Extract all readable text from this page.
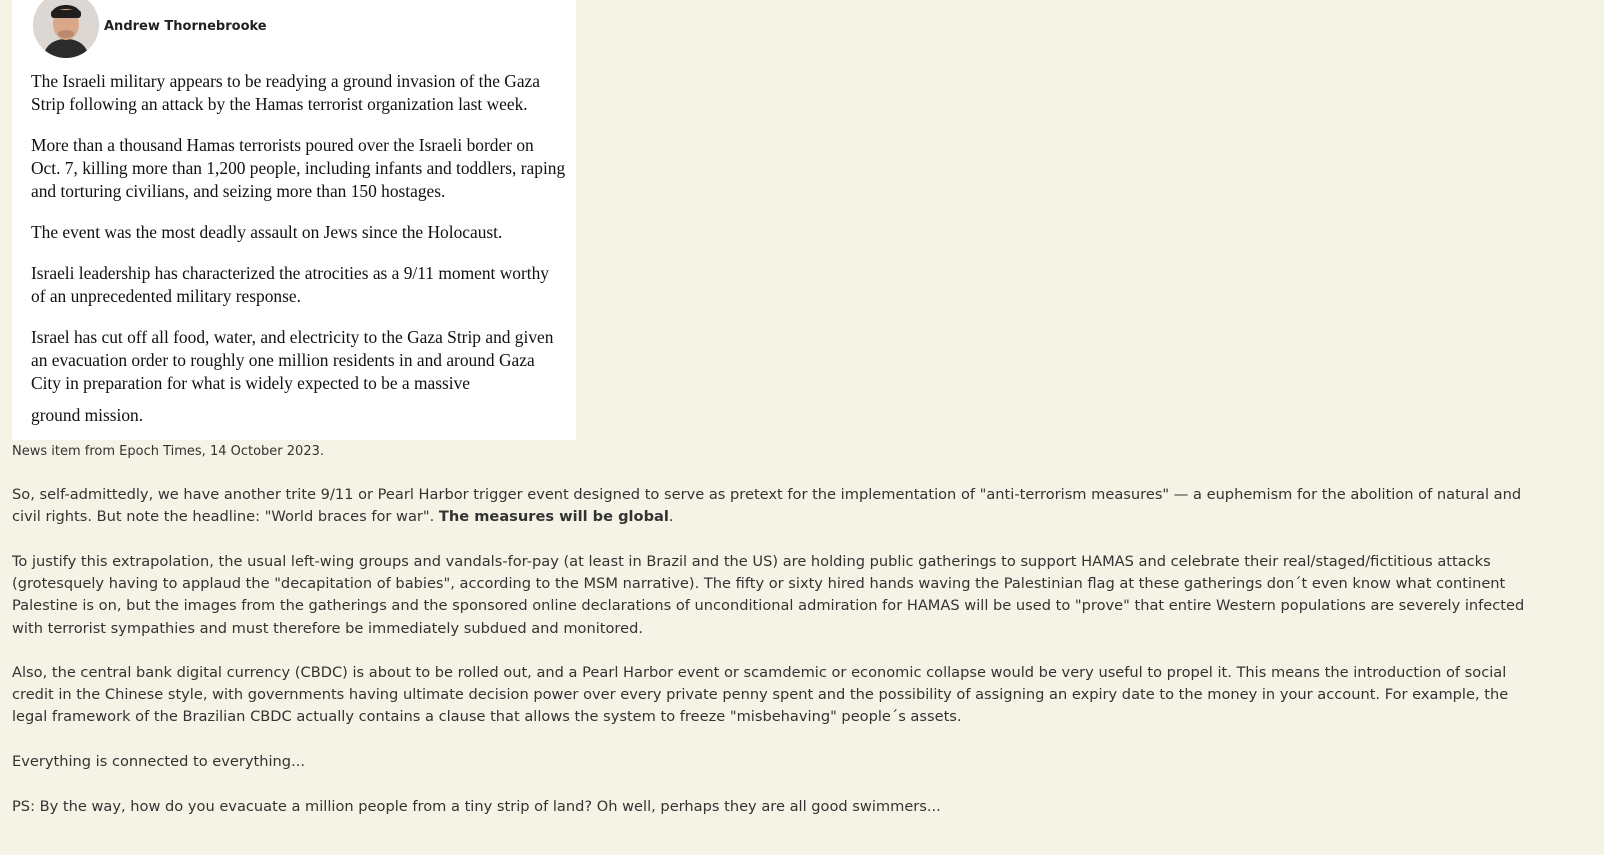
Andrew Thornebrooke

The Israeli military appears to be readying a ground invasion of the Gaza Strip following an attack by the Hamas terrorist organization last week.

More than a thousand Hamas terrorists poured over the Israeli border on Oct. 7, killing more than 1,200 people, including infants and toddlers, raping and torturing civilians, and seizing more than 150 hostages.

The event was the most deadly assault on Jews since the Holocaust.

Israeli leadership has characterized the atrocities as a 9/11 moment worthy of an unprecedented military response.

Israel has cut off all food, water, and electricity to the Gaza Strip and given an evacuation order to roughly one million residents in and around Gaza City in preparation for what is widely expected to be a massive

ground mission.

News item from Epoch Times, 14 October 2023.

So, self-admittedly, we have another trite 9/11 or Pearl Harbor trigger event designed to serve as pretext for the implementation of "anti-terrorism measures" — a euphemism for the abolition of natural and civil rights. But note the headline: "World braces for war". The measures will be global.

To justify this extrapolation, the usual left-wing groups and vandals-for-pay (at least in Brazil and the US) are holding public gatherings to support HAMAS and celebrate their real/staged/fictitious attacks (grotesquely having to applaud the "decapitation of babies", according to the MSM narrative). The fifty or sixty hired hands waving the Palestinian flag at these gatherings don´t even know what continent Palestine is on, but the images from the gatherings and the sponsored online declarations of unconditional admiration for HAMAS will be used to "prove" that entire Western populations are severely infected with terrorist sympathies and must therefore be immediately subdued and monitored.

Also, the central bank digital currency (CBDC) is about to be rolled out, and a Pearl Harbor event or scamdemic or economic collapse would be very useful to propel it. This means the introduction of social credit in the Chinese style, with governments having ultimate decision power over every private penny spent and the possibility of assigning an expiry date to the money in your account. For example, the legal framework of the Brazilian CBDC actually contains a clause that allows the system to freeze "misbehaving" people´s assets.

Everything is connected to everything...

PS: By the way, how do you evacuate a million people from a tiny strip of land? Oh well, perhaps they are all good swimmers...
